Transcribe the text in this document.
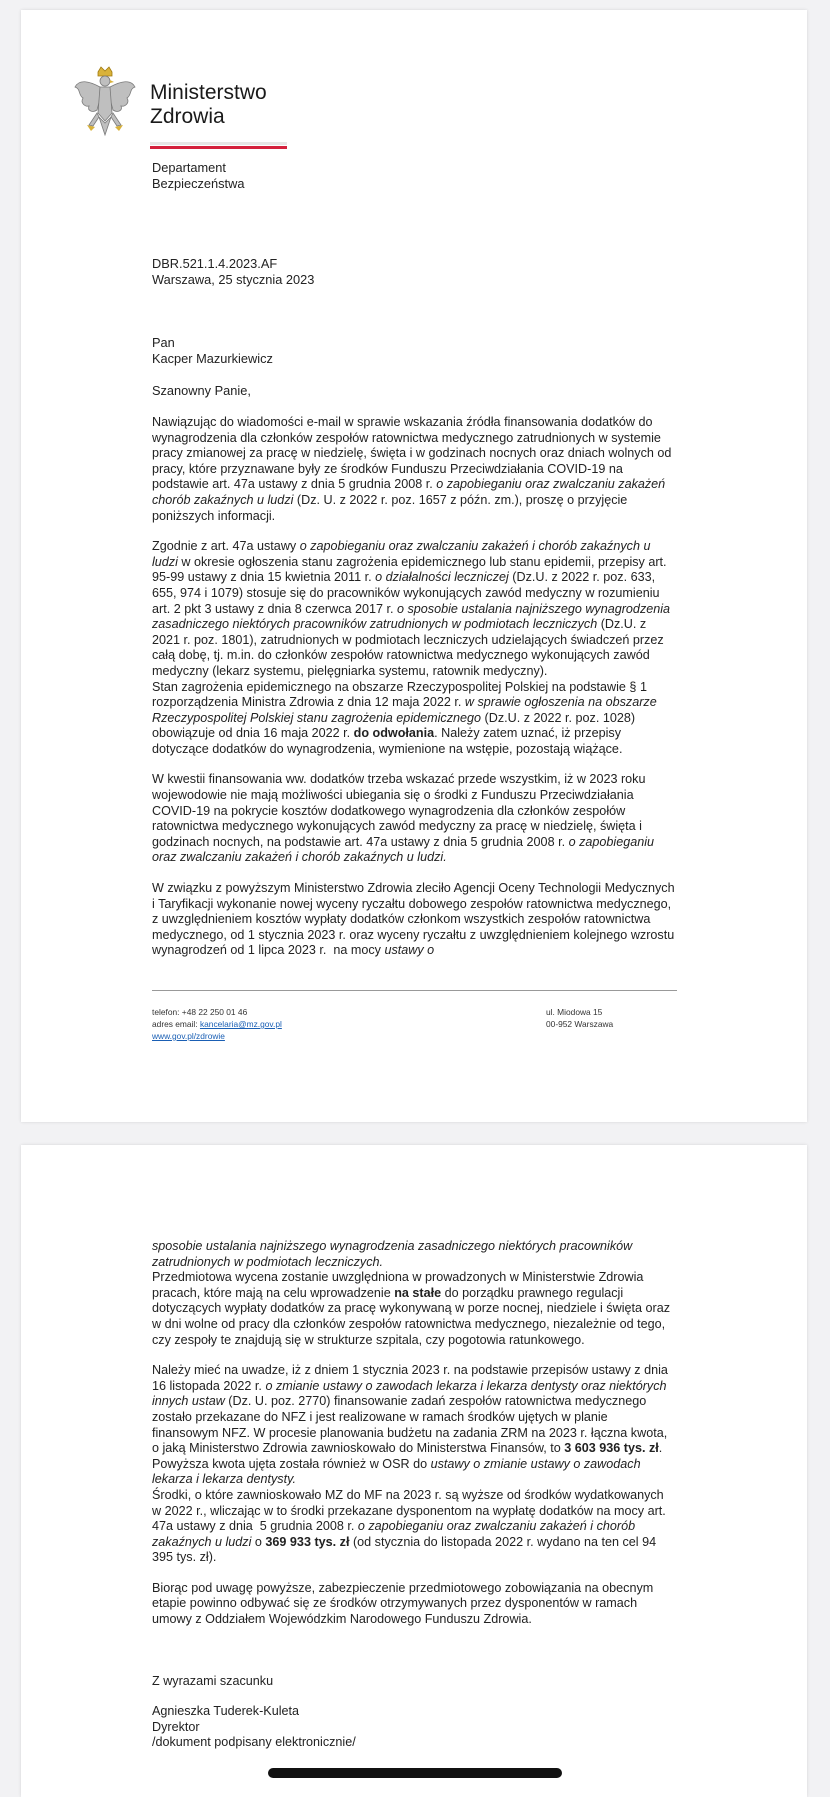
Ministerstwo
Zdrowia
Departament
Bezpieczeństwa
DBR.521.1.4.2023.AF
Warszawa, 25 stycznia 2023
Pan
Kacper Mazurkiewicz
Szanowny Panie,

Nawiązując do wiadomości e-mail w sprawie wskazania źródła finansowania dodatków do wynagrodzenia dla członków zespołów ratownictwa medycznego zatrudnionych w systemie pracy zmianowej za pracę w niedzielę, święta i w godzinach nocnych oraz dniach wolnych od pracy, które przyznawane były ze środków Funduszu Przeciwdziałania COVID-19 na podstawie art. 47a ustawy z dnia 5 grudnia 2008 r. o zapobieganiu oraz zwalczaniu zakażeń chorób zakaźnych u ludzi (Dz. U. z 2022 r. poz. 1657 z późn. zm.), proszę o przyjęcie poniższych informacji.

Zgodnie z art. 47a ustawy o zapobieganiu oraz zwalczaniu zakażeń i chorób zakaźnych u ludzi w okresie ogłoszenia stanu zagrożenia epidemicznego lub stanu epidemii, przepisy art. 95-99 ustawy z dnia 15 kwietnia 2011 r. o działalności leczniczej (Dz.U. z 2022 r. poz. 633, 655, 974 i 1079) stosuje się do pracowników wykonujących zawód medyczny w rozumieniu art. 2 pkt 3 ustawy z dnia 8 czerwca 2017 r. o sposobie ustalania najniższego wynagrodzenia zasadniczego niektórych pracowników zatrudnionych w podmiotach leczniczych (Dz.U. z 2021 r. poz. 1801), zatrudnionych w podmiotach leczniczych udzielających świadczeń przez całą dobę, tj. m.in. do członków zespołów ratownictwa medycznego wykonujących zawód medyczny (lekarz systemu, pielęgniarka systemu, ratownik medyczny).

Stan zagrożenia epidemicznego na obszarze Rzeczypospolitej Polskiej na podstawie § 1 rozporządzenia Ministra Zdrowia z dnia 12 maja 2022 r. w sprawie ogłoszenia na obszarze Rzeczypospolitej Polskiej stanu zagrożenia epidemicznego (Dz.U. z 2022 r. poz. 1028) obowiązuje od dnia 16 maja 2022 r. do odwołania. Należy zatem uznać, iż przepisy dotyczące dodatków do wynagrodzenia, wymienione na wstępie, pozostają wiążące.

W kwestii finansowania ww. dodatków trzeba wskazać przede wszystkim, iż w 2023 roku wojewodowie nie mają możliwości ubiegania się o środki z Funduszu Przeciwdziałania COVID-19 na pokrycie kosztów dodatkowego wynagrodzenia dla członków zespołów ratownictwa medycznego wykonujących zawód medyczny za pracę w niedzielę, święta i godzinach nocnych, na podstawie art. 47a ustawy z dnia 5 grudnia 2008 r. o zapobieganiu oraz zwalczaniu zakażeń i chorób zakaźnych u ludzi.

W związku z powyższym Ministerstwo Zdrowia zleciło Agencji Oceny Technologii Medycznych i Taryfikacji wykonanie nowej wyceny ryczałtu dobowego zespołów ratownictwa medycznego, z uwzględnieniem kosztów wypłaty dodatków członkom wszystkich zespołów ratownictwa medycznego, od 1 stycznia 2023 r. oraz wyceny ryczałtu z uwzględnieniem kolejnego wzrostu wynagrodzeń od 1 lipca 2023 r.  na mocy ustawy o

telefon: +48 22 250 01 46
adres email: kancelaria@mz.gov.pl
www.gov.pl/zdrowie
ul. Miodowa 15
00-952 Warszawa

sposobie ustalania najniższego wynagrodzenia zasadniczego niektórych pracowników zatrudnionych w podmiotach leczniczych.

Przedmiotowa wycena zostanie uwzględniona w prowadzonych w Ministerstwie Zdrowia pracach, które mają na celu wprowadzenie na stałe do porządku prawnego regulacji dotyczących wypłaty dodatków za pracę wykonywaną w porze nocnej, niedziele i święta oraz w dni wolne od pracy dla członków zespołów ratownictwa medycznego, niezależnie od tego, czy zespoły te znajdują się w strukturze szpitala, czy pogotowia ratunkowego.

Należy mieć na uwadze, iż z dniem 1 stycznia 2023 r. na podstawie przepisów ustawy z dnia 16 listopada 2022 r. o zmianie ustawy o zawodach lekarza i lekarza dentysty oraz niektórych innych ustaw (Dz. U. poz. 2770) finansowanie zadań zespołów ratownictwa medycznego zostało przekazane do NFZ i jest realizowane w ramach środków ujętych w planie finansowym NFZ. W procesie planowania budżetu na zadania ZRM na 2023 r. łączna kwota, o jaką Ministerstwo Zdrowia zawnioskowało do Ministerstwa Finansów, to 3 603 936 tys. zł. Powyższa kwota ujęta została również w OSR do ustawy o zmianie ustawy o zawodach lekarza i lekarza dentysty.

Środki, o które zawnioskowało MZ do MF na 2023 r. są wyższe od środków wydatkowanych w 2022 r., wliczając w to środki przekazane dysponentom na wypłatę dodatków na mocy art. 47a ustawy z dnia  5 grudnia 2008 r. o zapobieganiu oraz zwalczaniu zakażeń i chorób zakaźnych u ludzi o 369 933 tys. zł (od stycznia do listopada 2022 r. wydano na ten cel 94 395 tys. zł).

Biorąc pod uwagę powyższe, zabezpieczenie przedmiotowego zobowiązania na obecnym etapie powinno odbywać się ze środków otrzymywanych przez dysponentów w ramach umowy z Oddziałem Wojewódzkim Narodowego Funduszu Zdrowia.

Z wyrazami szacunku

Agnieszka Tuderek-Kuleta

Dyrektor

/dokument podpisany elektronicznie/
